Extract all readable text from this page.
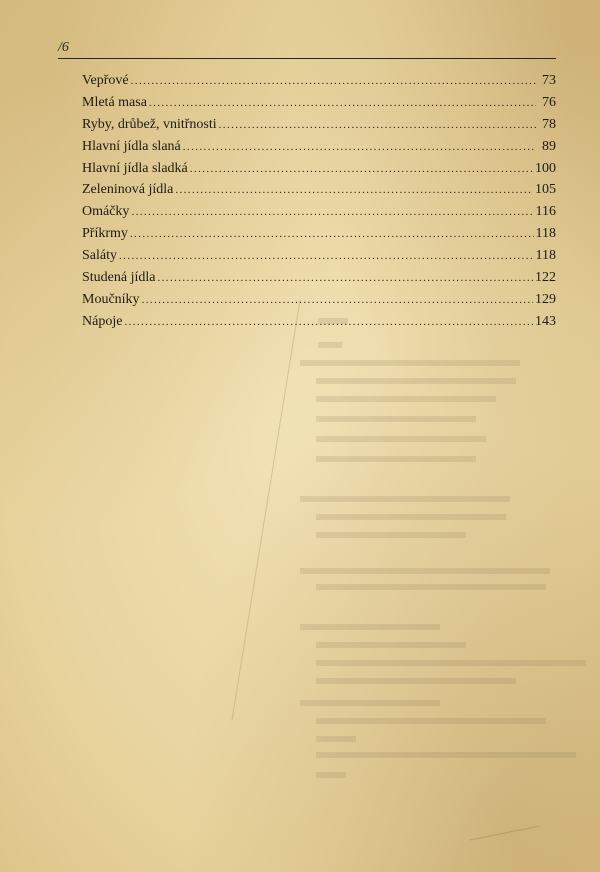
/6
Vepřové .....	73
Mletá masa .....	76
Ryby, drůbež, vnitřnosti .....	78
Hlavní jídla slaná .....	89
Hlavní jídla sladká .....	100
Zeleninová jídla .....	105
Omáčky .....	116
Příkrmy .....	118
Saláty .....	118
Studená jídla .....	122
Moučníky .....	129
Nápoje .....	143
